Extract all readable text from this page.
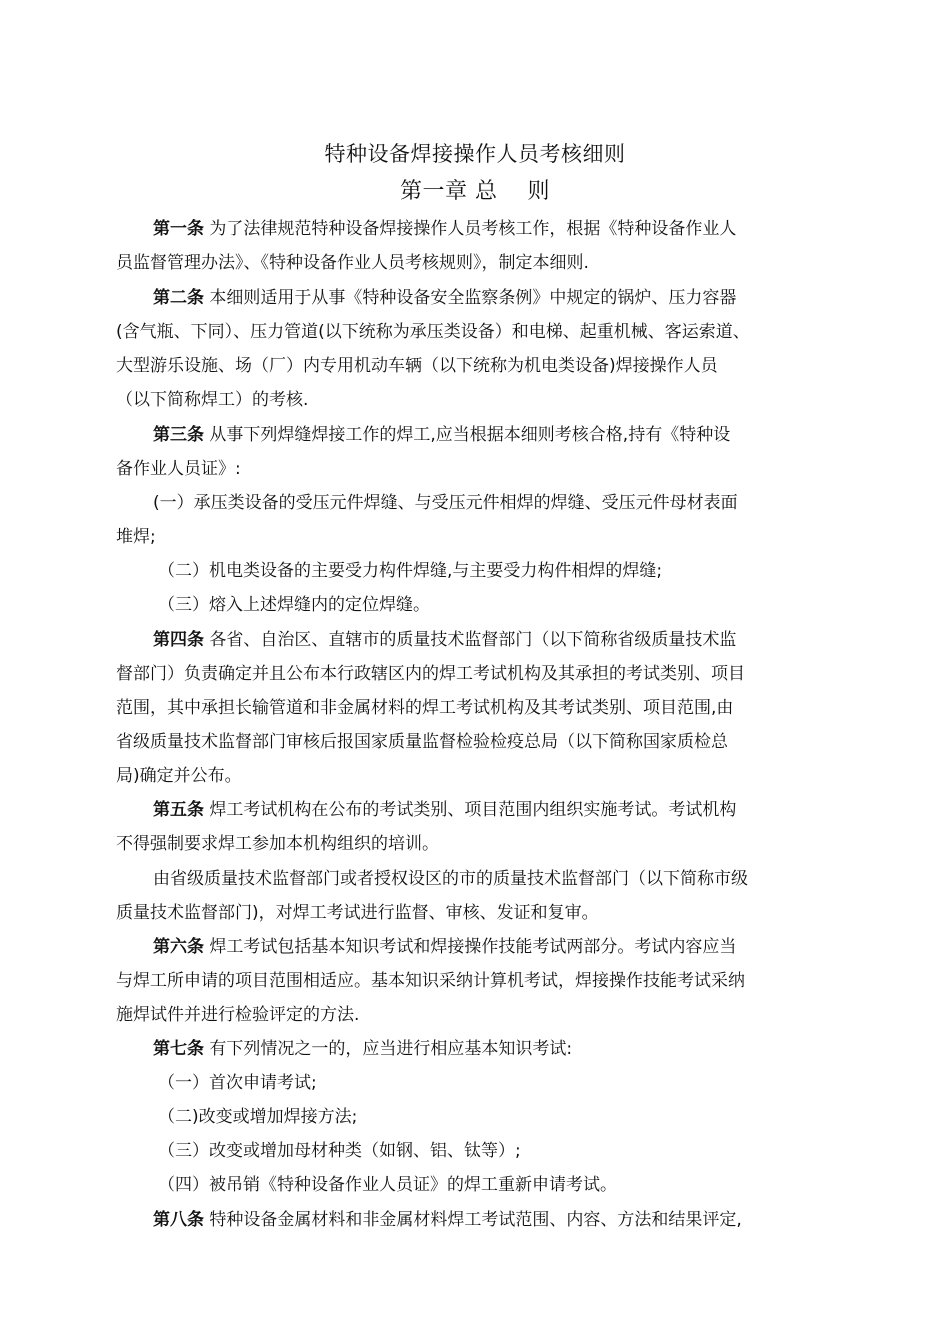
特种设备焊接操作人员考核细则
第一章 总    则
第一条 为了法律规范特种设备焊接操作人员考核工作，根据《特种设备作业人
员监督管理办法》、《特种设备作业人员考核规则》，制定本细则.
第二条 本细则适用于从事《特种设备安全监察条例》中规定的锅炉、压力容器
(含气瓶、下同）、压力管道(以下统称为承压类设备）和电梯、起重机械、客运索道、
大型游乐设施、场（厂）内专用机动车辆（以下统称为机电类设备)焊接操作人员
（以下简称焊工）的考核.
第三条 从事下列焊缝焊接工作的焊工,应当根据本细则考核合格,持有《特种设
备作业人员证》:
(一）承压类设备的受压元件焊缝、与受压元件相焊的焊缝、受压元件母材表面
堆焊;
（二）机电类设备的主要受力构件焊缝,与主要受力构件相焊的焊缝;
（三）熔入上述焊缝内的定位焊缝。
第四条 各省、自治区、直辖市的质量技术监督部门（以下简称省级质量技术监
督部门）负责确定并且公布本行政辖区内的焊工考试机构及其承担的考试类别、项目
范围，其中承担长输管道和非金属材料的焊工考试机构及其考试类别、项目范围,由
省级质量技术监督部门审核后报国家质量监督检验检疫总局（以下简称国家质检总
局)确定并公布。
第五条 焊工考试机构在公布的考试类别、项目范围内组织实施考试。考试机构
不得强制要求焊工参加本机构组织的培训。
由省级质量技术监督部门或者授权设区的市的质量技术监督部门（以下简称市级
质量技术监督部门)，对焊工考试进行监督、审核、发证和复审。
第六条 焊工考试包括基本知识考试和焊接操作技能考试两部分。考试内容应当
与焊工所申请的项目范围相适应。基本知识采纳计算机考试，焊接操作技能考试采纳
施焊试件并进行检验评定的方法.
第七条 有下列情况之一的，应当进行相应基本知识考试:
（一）首次申请考试;
（二)改变或增加焊接方法;
（三）改变或增加母材种类（如钢、铝、钛等）;
（四）被吊销《特种设备作业人员证》的焊工重新申请考试。
第八条 特种设备金属材料和非金属材料焊工考试范围、内容、方法和结果评定,
